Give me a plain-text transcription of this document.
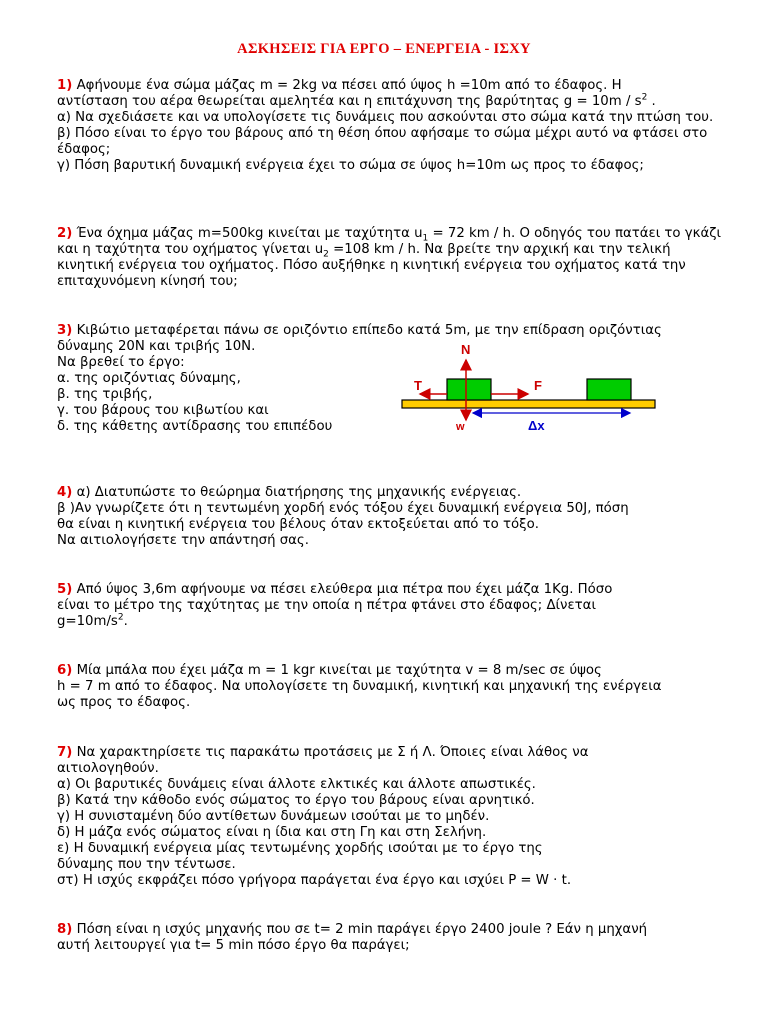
ΑΣΚΗΣΕΙΣ ΓΙΑ ΕΡΓΟ – ΕΝΕΡΓΕΙΑ - ΙΣΧΥ
1) Αφήνουμε ένα σώμα μάζας m = 2kg να πέσει από ύψος h =10m από το έδαφος. Η
αντίσταση του αέρα θεωρείται αμελητέα και η επιτάχυνση της βαρύτητας $g = 10m / s^2$ .
α) Να σχεδιάσετε και να υπολογίσετε τις δυνάμεις που ασκούνται στο σώμα κατά την πτώση του.
β) Πόσο είναι το έργο του βάρους από τη θέση όπου αφήσαμε το σώμα μέχρι αυτό να φτάσει στο έδαφος;
γ) Πόση βαρυτική δυναμική ενέργεια έχει το σώμα σε ύψος h=10m ως προς το έδαφος;
2) Ένα όχημα μάζας m=500kg κινείται με ταχύτητα $u_1 = 72$ km / h. Ο οδηγός του πατάει το γκάζι και η ταχύτητα του οχήματος γίνεται $u_2 =108$ km / h. Να βρείτε την αρχική και την τελική κινητική ενέργεια του οχήματος. Πόσο αυξήθηκε η κινητική ενέργεια του οχήματος κατά την επιταχυνόμενη κίνησή του;
3) Κιβώτιο μεταφέρεται πάνω σε οριζόντιο επίπεδο κατά 5m, με την επίδραση οριζόντιας
δύναμης 20N και τριβής 10N.
Να βρεθεί το έργο:
α. της οριζόντιας δύναμης,
β. της τριβής,
γ. του βάρους του κιβωτίου και
δ. της κάθετης αντίδρασης του επιπέδου
N
T	F
w	Δx
4) α) Διατυπώστε το θεώρημα διατήρησης της μηχανικής ενέργειας.
β )Αν γνωρίζετε ότι η τεντωμένη χορδή ενός τόξου έχει δυναμική ενέργεια 50J, πόση
θα είναι η κινητική ενέργεια του βέλους όταν εκτοξεύεται από το τόξο.
Να αιτιολογήσετε την απάντησή σας.
5) Από ύψος 3,6m αφήνουμε να πέσει ελεύθερα μια πέτρα που έχει μάζα 1Kg. Πόσο
είναι το μέτρο της ταχύτητας με την οποία η πέτρα φτάνει στο έδαφος; Δίνεται
$g=10m/s^2$.
6) Μία μπάλα που έχει μάζα m = 1 kgr κινείται με ταχύτητα v = 8 m/sec σε ύψος
h = 7 m από το έδαφος. Να υπολογίσετε τη δυναμική, κινητική και μηχανική της ενέργεια
ως προς το έδαφος.
7) Να χαρακτηρίσετε τις παρακάτω προτάσεις με Σ ή Λ. Όποιες είναι λάθος να
αιτιολογηθούν.
α) Οι βαρυτικές δυνάμεις είναι άλλοτε ελκτικές και άλλοτε απωστικές.
β) Κατά την κάθοδο ενός σώματος το έργο του βάρους είναι αρνητικό.
γ) Η συνισταμένη δύο αντίθετων δυνάμεων ισούται με το μηδέν.
δ) Η μάζα ενός σώματος είναι η ίδια και στη Γη και στη Σελήνη.
ε) Η δυναμική ενέργεια μίας τεντωμένης χορδής ισούται με το έργο της
δύναμης που την τέντωσε.
στ) Η ισχύς εκφράζει πόσο γρήγορα παράγεται ένα έργο και ισχύει P = W · t.
8) Πόση είναι η ισχύς μηχανής που σε t= 2 min παράγει έργο 2400 joule ? Εάν η μηχανή
αυτή λειτουργεί για t= 5 min πόσο έργο θα παράγει;
